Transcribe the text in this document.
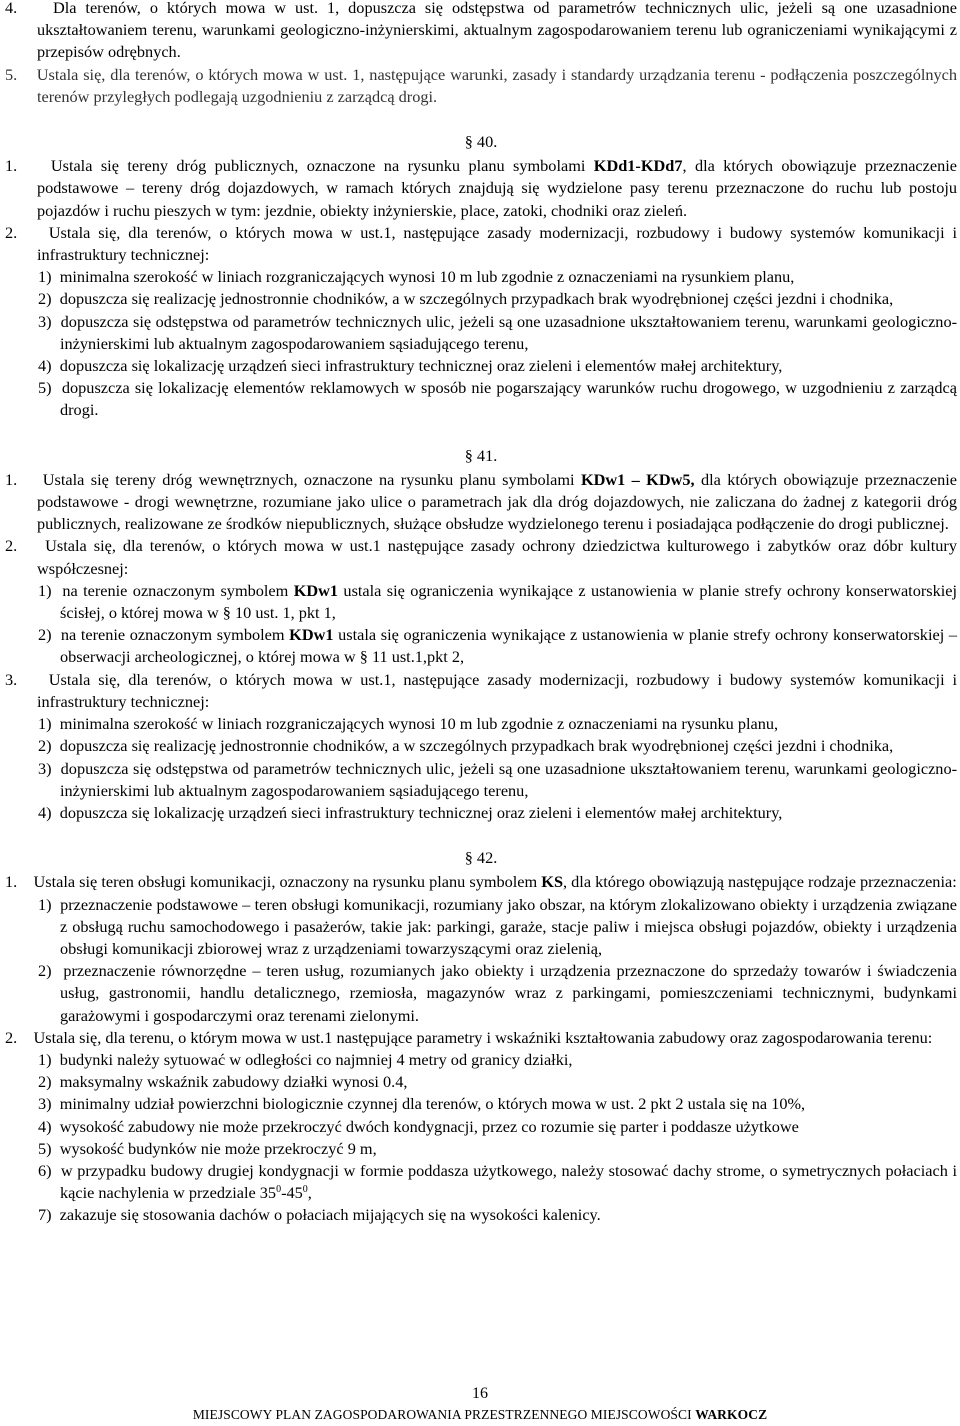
4. Dla terenów, o których mowa w ust. 1, dopuszcza się odstępstwa od parametrów technicznych ulic, jeżeli są one uzasadnione ukształtowaniem terenu, warunkami geologiczno-inżynierskimi, aktualnym zagospodarowaniem terenu lub ograniczeniami wynikającymi z przepisów odrębnych.

5. Ustala się, dla terenów, o których mowa w ust. 1, następujące warunki, zasady i standardy urządzania terenu - podłączenia poszczególnych terenów przyległych podlegają uzgodnieniu z zarządcą drogi.

§ 40.

1. Ustala się tereny dróg publicznych, oznaczone na rysunku planu symbolami KDd1-KDd7, dla których obowiązuje przeznaczenie podstawowe – tereny dróg dojazdowych, w ramach których znajdują się wydzielone pasy terenu przeznaczone do ruchu lub postoju pojazdów i ruchu pieszych w tym: jezdnie, obiekty inżynierskie, place, zatoki, chodniki oraz zieleń.

2. Ustala się, dla terenów, o których mowa w ust.1, następujące zasady modernizacji, rozbudowy i budowy systemów komunikacji i infrastruktury technicznej:

1) minimalna szerokość w liniach rozgraniczających wynosi 10 m lub zgodnie z oznaczeniami na rysunkiem planu,

2) dopuszcza się realizację jednostronnie chodników, a w szczególnych przypadkach brak wyodrębnionej części jezdni i chodnika,

3) dopuszcza się odstępstwa od parametrów technicznych ulic, jeżeli są one uzasadnione ukształtowaniem terenu, warunkami geologiczno-inżynierskimi lub aktualnym zagospodarowaniem sąsiadującego terenu,

4) dopuszcza się lokalizację urządzeń sieci infrastruktury technicznej oraz zieleni i elementów małej architektury,

5) dopuszcza się lokalizację elementów reklamowych w sposób nie pogarszający warunków ruchu drogowego, w uzgodnieniu z zarządcą drogi.

§ 41.

1. Ustala się tereny dróg wewnętrznych, oznaczone na rysunku planu symbolami KDw1 – KDw5, dla których obowiązuje przeznaczenie podstawowe - drogi wewnętrzne, rozumiane jako ulice o parametrach jak dla dróg dojazdowych, nie zaliczana do żadnej z kategorii dróg publicznych, realizowane ze środków niepublicznych, służące obsłudze wydzielonego terenu i posiadająca podłączenie do drogi publicznej.

2. Ustala się, dla terenów, o których mowa w ust.1 następujące zasady ochrony dziedzictwa kulturowego i zabytków oraz dóbr kultury współczesnej:

1) na terenie oznaczonym symbolem KDw1 ustala się ograniczenia wynikające z ustanowienia w planie strefy ochrony konserwatorskiej ścisłej, o której mowa w § 10 ust. 1, pkt 1,

2) na terenie oznaczonym symbolem KDw1 ustala się ograniczenia wynikające z ustanowienia w planie strefy ochrony konserwatorskiej – obserwacji archeologicznej, o której mowa w § 11 ust.1,pkt 2,

3. Ustala się, dla terenów, o których mowa w ust.1, następujące zasady modernizacji, rozbudowy i budowy systemów komunikacji i infrastruktury technicznej:

1) minimalna szerokość w liniach rozgraniczających wynosi 10 m lub zgodnie z oznaczeniami na rysunku planu,

2) dopuszcza się realizację jednostronnie chodników, a w szczególnych przypadkach brak wyodrębnionej części jezdni i chodnika,

3) dopuszcza się odstępstwa od parametrów technicznych ulic, jeżeli są one uzasadnione ukształtowaniem terenu, warunkami geologiczno-inżynierskimi lub aktualnym zagospodarowaniem sąsiadującego terenu,

4) dopuszcza się lokalizację urządzeń sieci infrastruktury technicznej oraz zieleni i elementów małej architektury,

§ 42.

1. Ustala się teren obsługi komunikacji, oznaczony na rysunku planu symbolem KS, dla którego obowiązują następujące rodzaje przeznaczenia:

1) przeznaczenie podstawowe – teren obsługi komunikacji, rozumiany jako obszar, na którym zlokalizowano obiekty i urządzenia związane z obsługą ruchu samochodowego i pasażerów, takie jak: parkingi, garaże, stacje paliw i miejsca obsługi pojazdów, obiekty i urządzenia obsługi komunikacji zbiorowej wraz z urządzeniami towarzyszącymi oraz zielenią,

2) przeznaczenie równorzędne – teren usług, rozumianych jako obiekty i urządzenia przeznaczone do sprzedaży towarów i świadczenia usług, gastronomii, handlu detalicznego, rzemiosła, magazynów wraz z parkingami, pomieszczeniami technicznymi, budynkami garażowymi i gospodarczymi oraz terenami zielonymi.

2. Ustala się, dla terenu, o którym mowa w ust.1 następujące parametry i wskaźniki kształtowania zabudowy oraz zagospodarowania terenu:

1) budynki należy sytuować w odległości co najmniej 4 metry od granicy działki,

2) maksymalny wskaźnik zabudowy działki wynosi 0.4,

3) minimalny udział powierzchni biologicznie czynnej dla terenów, o których mowa w ust. 2 pkt 2 ustala się na 10%,

4) wysokość zabudowy nie może przekroczyć dwóch kondygnacji, przez co rozumie się parter i poddasze użytkowe

5) wysokość budynków nie może przekroczyć 9 m,

6) w przypadku budowy drugiej kondygnacji w formie poddasza użytkowego, należy stosować dachy strome, o symetrycznych połaciach i kącie nachylenia w przedziale $35^0-45^0$,

7) zakazuje się stosowania dachów o połaciach mijających się na wysokości kalenicy.

16
MIEJSCOWY PLAN ZAGOSPODAROWANIA PRZESTRZENNEGO MIEJSCOWOŚCI WARKOCZ
